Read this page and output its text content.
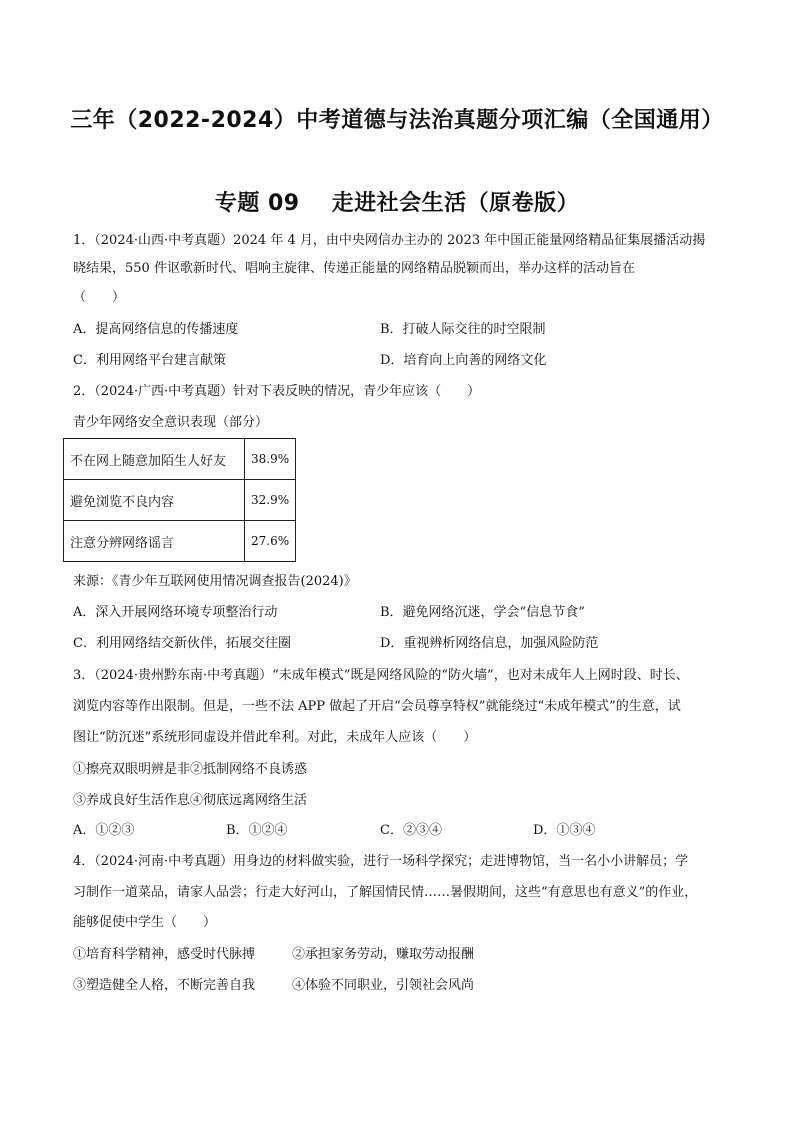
三年（2022-2024）中考道德与法治真题分项汇编（全国通用）
专题 09 走进社会生活（原卷版）
1．（2024·山西·中考真题）2024 年 4 月，由中央网信办主办的 2023 年中国正能量网络精品征集展播活动揭
晓结果，550 件讴歌新时代、唱响主旋律、传递正能量的网络精品脱颖而出，举办这样的活动旨在
（　　）
A．提高网络信息的传播速度	B．打破人际交往的时空限制
C．利用网络平台建言献策	D．培育向上向善的网络文化
2．（2024·广西·中考真题）针对下表反映的情况，青少年应该（　　）
青少年网络安全意识表现（部分）
不在网上随意加陌生人好友	38.9%
避免浏览不良内容	32.9%
注意分辨网络谣言	27.6%
来源：《青少年互联网使用情况调查报告(2024)》
A．深入开展网络环境专项整治行动	B．避免网络沉迷，学会“信息节食”
C．利用网络结交新伙伴，拓展交往圈	D．重视辨析网络信息，加强风险防范
3．（2024·贵州黔东南·中考真题）“未成年模式”既是网络风险的“防火墙”，也对未成年人上网时段、时长、
浏览内容等作出限制。但是，一些不法 APP 做起了开启“会员尊享特权”就能绕过“未成年模式”的生意，试
图让“防沉迷”系统形同虚设并借此牟利。对此，未成年人应该（　　）
①擦亮双眼明辨是非②抵制网络不良诱惑
③养成良好生活作息④彻底远离网络生活
A．①②③	B．①②④	C．②③④	D．①③④
4．（2024·河南·中考真题）用身边的材料做实验，进行一场科学探究；走进博物馆，当一名小小讲解员；学
习制作一道菜品，请家人品尝；行走大好河山，了解国情民情……暑假期间，这些“有意思也有意义”的作业，
能够促使中学生（　　）
①培育科学精神，感受时代脉搏	②承担家务劳动，赚取劳动报酬
③塑造健全人格，不断完善自我	④体验不同职业，引领社会风尚
